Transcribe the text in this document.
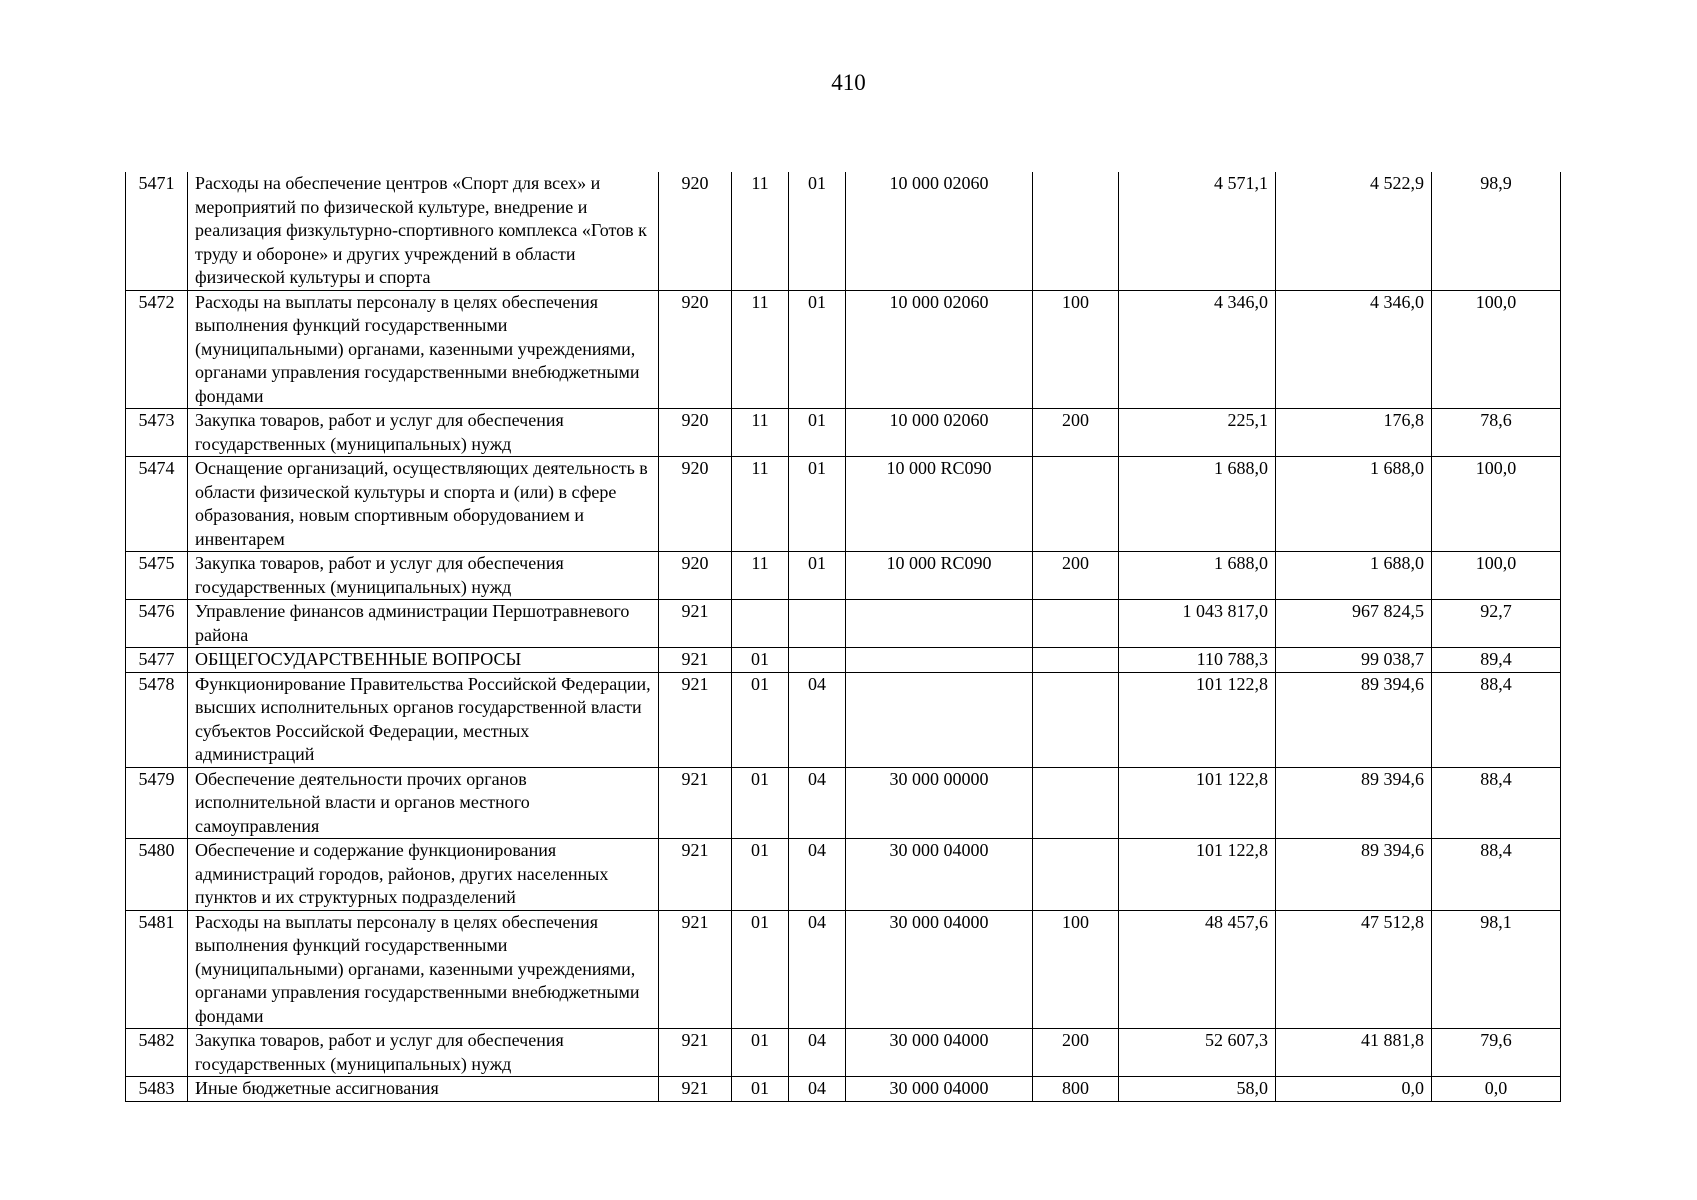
410
5471	Расходы на обеспечение центров «Спорт для всех» и мероприятий по физической культуре, внедрение и реализация физкультурно-спортивного комплекса «Готов к труду и обороне» и других учреждений в области физической культуры и спорта	920	11	01	10 000 02060		4 571,1	4 522,9	98,9
5472	Расходы на выплаты персоналу в целях обеспечения выполнения функций государственными (муниципальными) органами, казенными учреждениями, органами управления государственными внебюджетными фондами	920	11	01	10 000 02060	100	4 346,0	4 346,0	100,0
5473	Закупка товаров, работ и услуг для обеспечения государственных (муниципальных) нужд	920	11	01	10 000 02060	200	225,1	176,8	78,6
5474	Оснащение организаций, осуществляющих деятельность в области физической культуры и спорта и (или) в сфере образования, новым спортивным оборудованием и инвентарем	920	11	01	10 000 RC090		1 688,0	1 688,0	100,0
5475	Закупка товаров, работ и услуг для обеспечения государственных (муниципальных) нужд	920	11	01	10 000 RC090	200	1 688,0	1 688,0	100,0
5476	Управление финансов администрации Першотравневого района	921					1 043 817,0	967 824,5	92,7
5477	ОБЩЕГОСУДАРСТВЕННЫЕ ВОПРОСЫ	921	01				110 788,3	99 038,7	89,4
5478	Функционирование Правительства Российской Федерации, высших исполнительных органов государственной власти субъектов Российской Федерации, местных администраций	921	01	04			101 122,8	89 394,6	88,4
5479	Обеспечение деятельности прочих органов исполнительной власти и органов местного самоуправления	921	01	04	30 000 00000		101 122,8	89 394,6	88,4
5480	Обеспечение и содержание функционирования администраций городов, районов, других населенных пунктов и их структурных подразделений	921	01	04	30 000 04000		101 122,8	89 394,6	88,4
5481	Расходы на выплаты персоналу в целях обеспечения выполнения функций государственными (муниципальными) органами, казенными учреждениями, органами управления государственными внебюджетными фондами	921	01	04	30 000 04000	100	48 457,6	47 512,8	98,1
5482	Закупка товаров, работ и услуг для обеспечения государственных (муниципальных) нужд	921	01	04	30 000 04000	200	52 607,3	41 881,8	79,6
5483	Иные бюджетные ассигнования	921	01	04	30 000 04000	800	58,0	0,0	0,0
